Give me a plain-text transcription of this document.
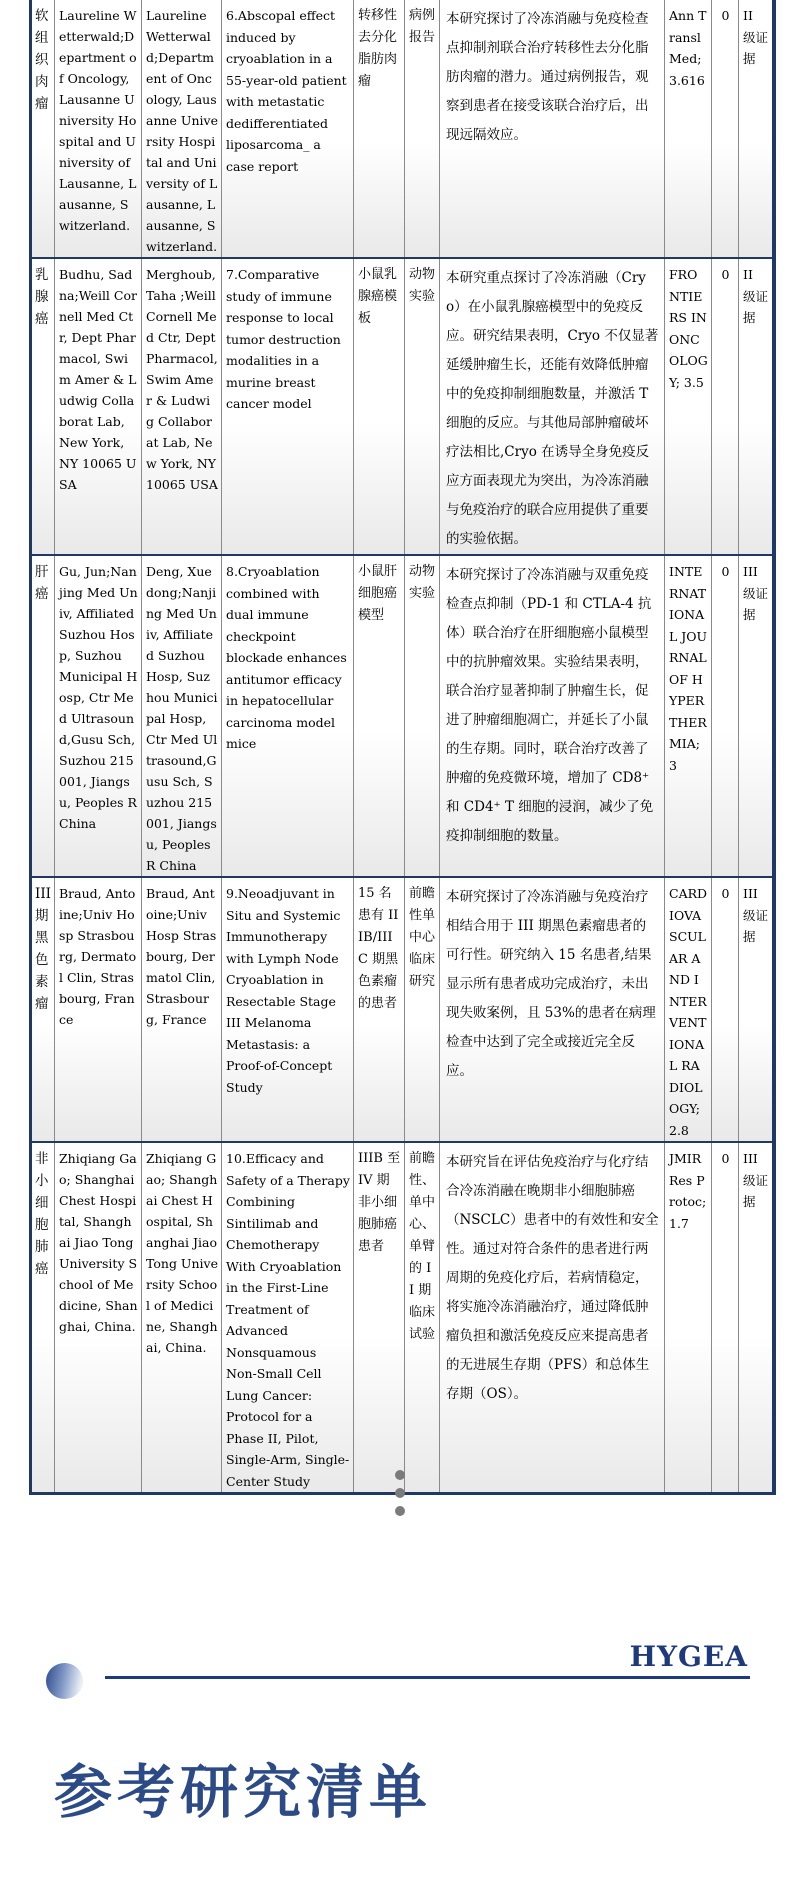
软组织肉瘤	Laureline Wetterwald;Department of Oncology, Lausanne University Hospital and University of Lausanne, Lausanne, Switzerland.	Laureline Wetterwald;Department of Oncology, Lausanne University Hospital and University of Lausanne, Lausanne, Switzerland.	6.Abscopal effect induced by cryoablation in a 55-year-old patient with metastatic dedifferentiated liposarcoma_ a case report	转移性去分化脂肪肉瘤	病例报告	本研究探讨了冷冻消融与免疫检查点抑制剂联合治疗转移性去分化脂肪肉瘤的潜力。通过病例报告，观察到患者在接受该联合治疗后，出现远隔效应。	Ann Transl Med;3.616	0	II 级证据
乳腺癌	Budhu, Sadna;Weill Cornell Med Ctr, Dept Pharmacol, Swim Amer & Ludwig Collaborat Lab, New York, NY 10065 USA	Merghoub, Taha ;Weill Cornell Med Ctr, Dept Pharmacol, Swim Amer & Ludwig Collaborat Lab, New York, NY 10065 USA	7.Comparative study of immune response to local tumor destruction modalities in a murine breast cancer model	小鼠乳腺癌模板	动物实验	本研究重点探讨了冷冻消融（Cryo）在小鼠乳腺癌模型中的免疫反应。研究结果表明，Cryo 不仅显著延缓肿瘤生长，还能有效降低肿瘤中的免疫抑制细胞数量，并激活 T 细胞的反应。与其他局部肿瘤破坏疗法相比,Cryo 在诱导全身免疫反应方面表现尤为突出，为冷冻消融与免疫治疗的联合应用提供了重要的实验依据。	FRONTIERS IN ONCOLOGY; 3.5	0	II 级证据
肝癌	Gu, Jun;Nanjing Med Univ, Affiliated Suzhou Hosp, Suzhou Municipal Hosp, Ctr Med Ultrasound,Gusu Sch, Suzhou 215001, Jiangsu, Peoples R China	Deng, Xuedong;Nanjing Med Univ, Affiliated Suzhou Hosp, Suzhou Municipal Hosp, Ctr Med Ultrasound,Gusu Sch, Suzhou 215001, Jiangsu, Peoples R China	8.Cryoablation combined with dual immune checkpoint blockade enhances antitumor efficacy in hepatocellular carcinoma model mice	小鼠肝细胞癌模型	动物实验	本研究探讨了冷冻消融与双重免疫检查点抑制（PD-1 和 CTLA-4 抗体）联合治疗在肝细胞癌小鼠模型中的抗肿瘤效果。实验结果表明，联合治疗显著抑制了肿瘤生长，促进了肿瘤细胞凋亡，并延长了小鼠的生存期。同时，联合治疗改善了肿瘤的免疫微环境，增加了 CD8⁺和 CD4⁺ T 细胞的浸润，减少了免疫抑制细胞的数量。	INTERNATIONAL JOURNAL OF HYPERTHERMIA; 3	0	III 级证据
III期黑色素瘤	Braud, Antoine;Univ Hosp Strasbourg, Dermatol Clin, Strasbourg, France	Braud, Antoine;Univ Hosp Strasbourg, Dermatol Clin, Strasbourg, France	9.Neoadjuvant in Situ and Systemic Immunotherapy with Lymph Node Cryoablation in Resectable Stage III Melanoma Metastasis: a Proof-of-Concept Study	15 名患有 IIIB/IIIC 期黑色素瘤的患者	前瞻性单中心临床研究	本研究探讨了冷冻消融与免疫治疗相结合用于 III 期黑色素瘤患者的可行性。研究纳入 15 名患者,结果显示所有患者成功完成治疗，未出现失败案例，且 53%的患者在病理检查中达到了完全或接近完全反应。	CARDIOVASCULAR AND INTERVENTIONAL RADIOLOGY; 2.8	0	III 级证据
非小细胞肺癌	Zhiqiang Gao; Shanghai Chest Hospital, Shanghai Jiao Tong University School of Medicine, Shanghai, China.	Zhiqiang Gao; Shanghai Chest Hospital, Shanghai Jiao Tong University School of Medicine, Shanghai, China.	10.Efficacy and Safety of a Therapy Combining Sintilimab and Chemotherapy With Cryoablation in the First-Line Treatment of Advanced Nonsquamous Non-Small Cell Lung Cancer: Protocol for a Phase II, Pilot, Single-Arm, Single-Center Study	IIIB 至 IV 期非小细胞肺癌患者	前瞻性、单中心、单臂的 II 期临床试验	本研究旨在评估免疫治疗与化疗结合冷冻消融在晚期非小细胞肺癌（NSCLC）患者中的有效性和安全性。通过对符合条件的患者进行两周期的免疫化疗后，若病情稳定，将实施冷冻消融治疗，通过降低肿瘤负担和激活免疫反应来提高患者的无进展生存期（PFS）和总体生存期（OS）。	JMIR Res Protoc; 1.7	0	III 级证据
HYGEA
参考研究清单
